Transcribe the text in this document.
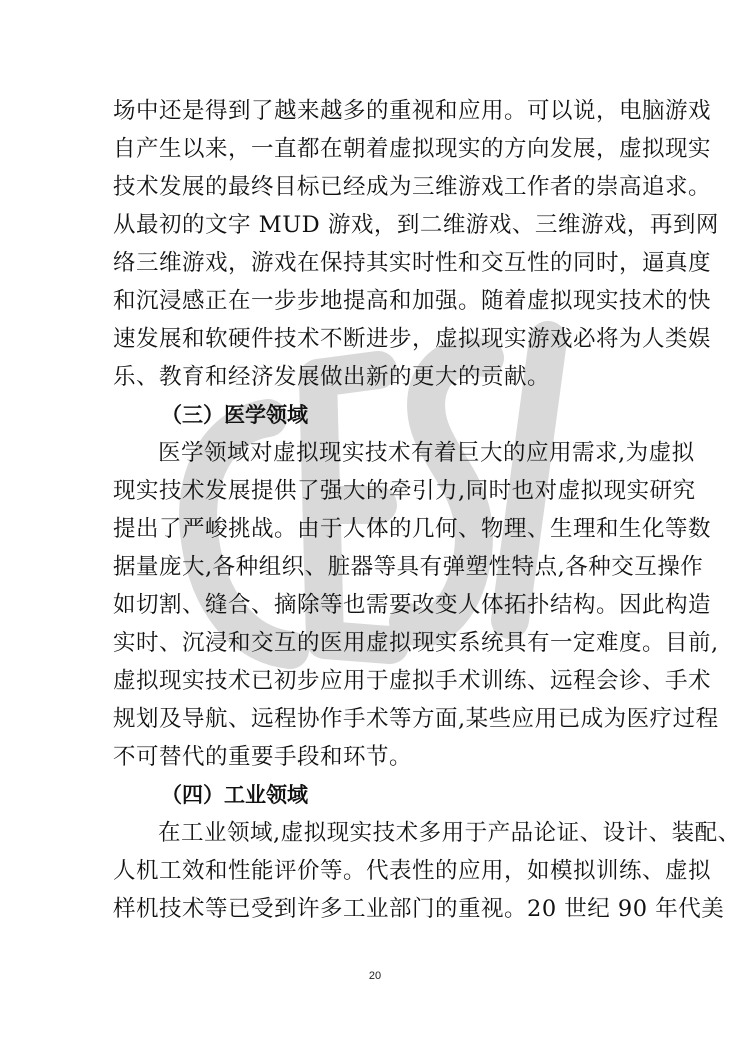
场中还是得到了越来越多的重视和应用。可以说，电脑游戏
自产生以来，一直都在朝着虚拟现实的方向发展，虚拟现实
技术发展的最终目标已经成为三维游戏工作者的崇高追求。
从最初的文字 MUD 游戏，到二维游戏、三维游戏，再到网
络三维游戏，游戏在保持其实时性和交互性的同时，逼真度
和沉浸感正在一步步地提高和加强。随着虚拟现实技术的快
速发展和软硬件技术不断进步，虚拟现实游戏必将为人类娱
乐、教育和经济发展做出新的更大的贡献。
（三）医学领域
医学领域对虚拟现实技术有着巨大的应用需求,为虚拟
现实技术发展提供了强大的牵引力,同时也对虚拟现实研究
提出了严峻挑战。由于人体的几何、物理、生理和生化等数
据量庞大,各种组织、脏器等具有弹塑性特点,各种交互操作
如切割、缝合、摘除等也需要改变人体拓扑结构。因此构造
实时、沉浸和交互的医用虚拟现实系统具有一定难度。目前,
虚拟现实技术已初步应用于虚拟手术训练、远程会诊、手术
规划及导航、远程协作手术等方面,某些应用已成为医疗过程
不可替代的重要手段和环节。
（四）工业领域
在工业领域,虚拟现实技术多用于产品论证、设计、装配、
人机工效和性能评价等。代表性的应用，如模拟训练、虚拟
样机技术等已受到许多工业部门的重视。20 世纪 90 年代美
20
